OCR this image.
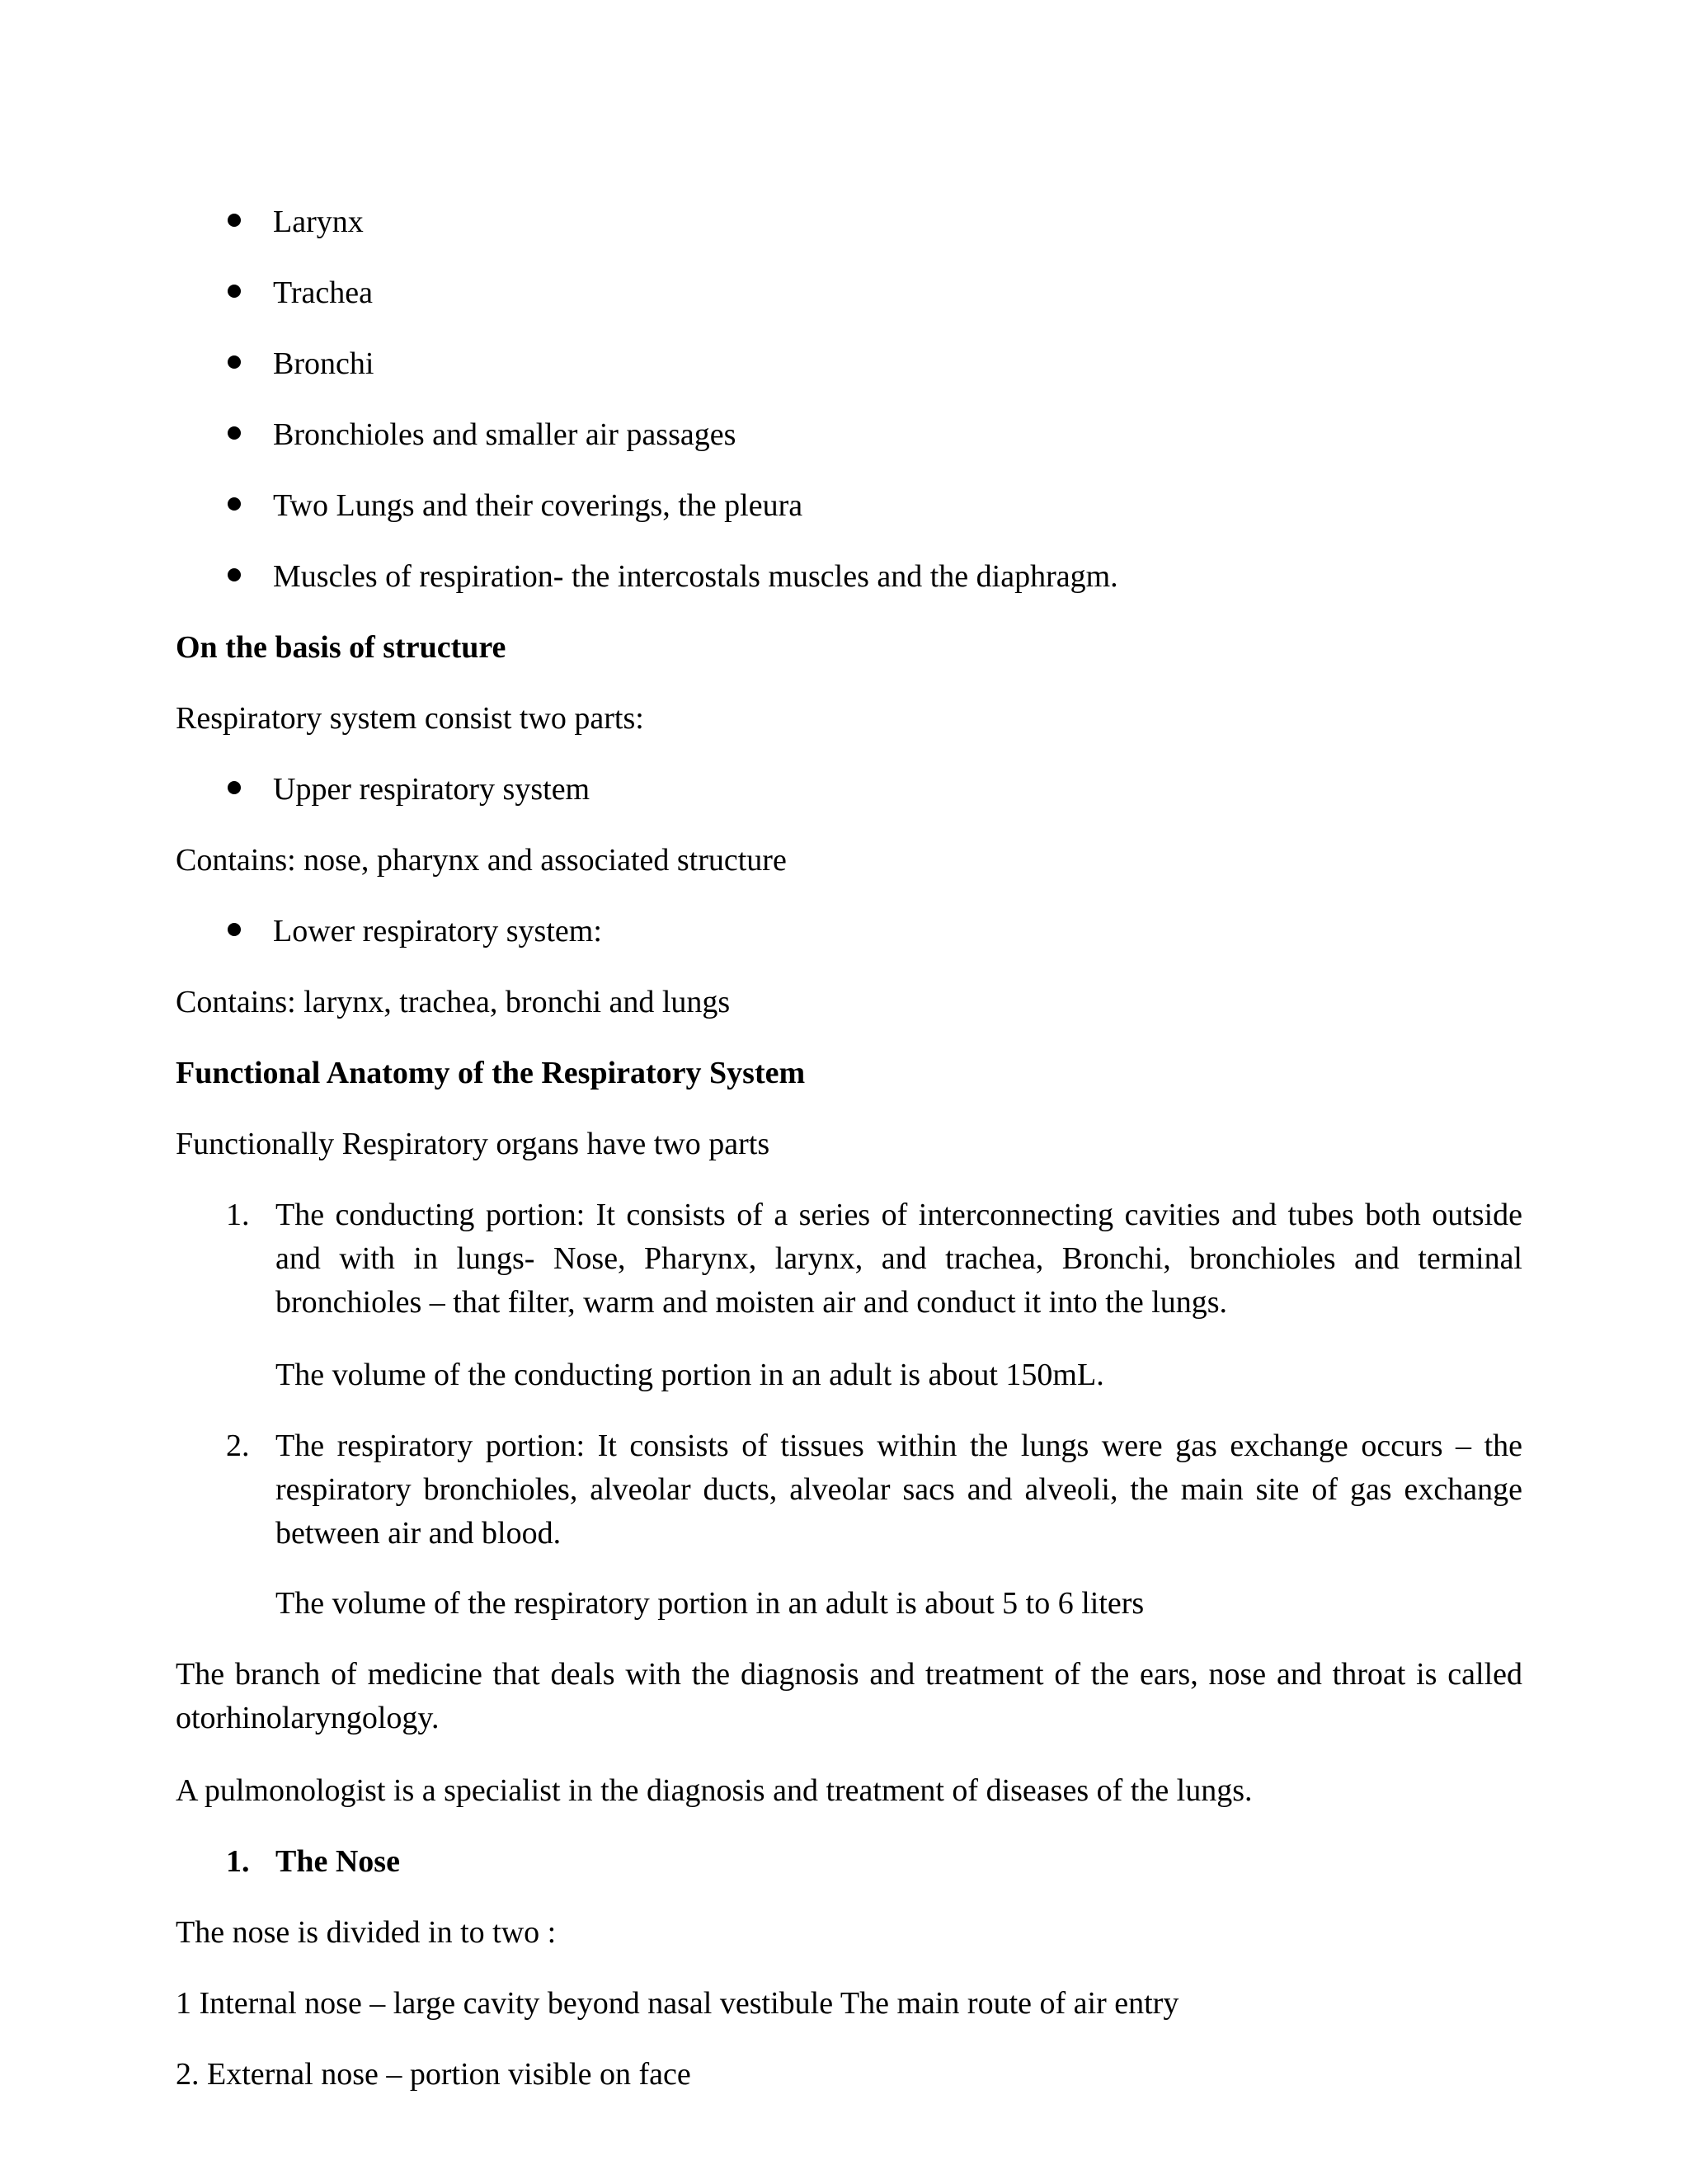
Larynx
Trachea
Bronchi
Bronchioles and smaller air passages
Two Lungs and their coverings, the pleura
Muscles of respiration- the intercostals muscles and the diaphragm.
On the basis of structure
Respiratory system consist two parts:
Upper respiratory system
Contains: nose, pharynx and associated structure
Lower respiratory system:
Contains: larynx, trachea, bronchi and lungs
Functional Anatomy of the Respiratory System
Functionally Respiratory organs have two parts
1. The conducting portion: It consists of a series of interconnecting cavities and tubes both outside and with in lungs- Nose, Pharynx, larynx, and trachea, Bronchi, bronchioles and terminal bronchioles – that filter, warm and moisten air and conduct it into the lungs.
The volume of the conducting portion in an adult is about 150mL.
2. The respiratory portion: It consists of tissues within the lungs were gas exchange occurs – the respiratory bronchioles, alveolar ducts, alveolar sacs and alveoli, the main site of gas exchange between air and blood.
The volume of the respiratory portion in an adult is about 5 to 6 liters
The branch of medicine that deals with the diagnosis and treatment of the ears, nose and throat is called otorhinolaryngology.
A pulmonologist is a specialist in the diagnosis and treatment of diseases of the lungs.
1. The Nose
The nose is divided in to two :
1 Internal nose – large cavity beyond nasal vestibule The main route of air entry
2. External nose – portion visible on face
